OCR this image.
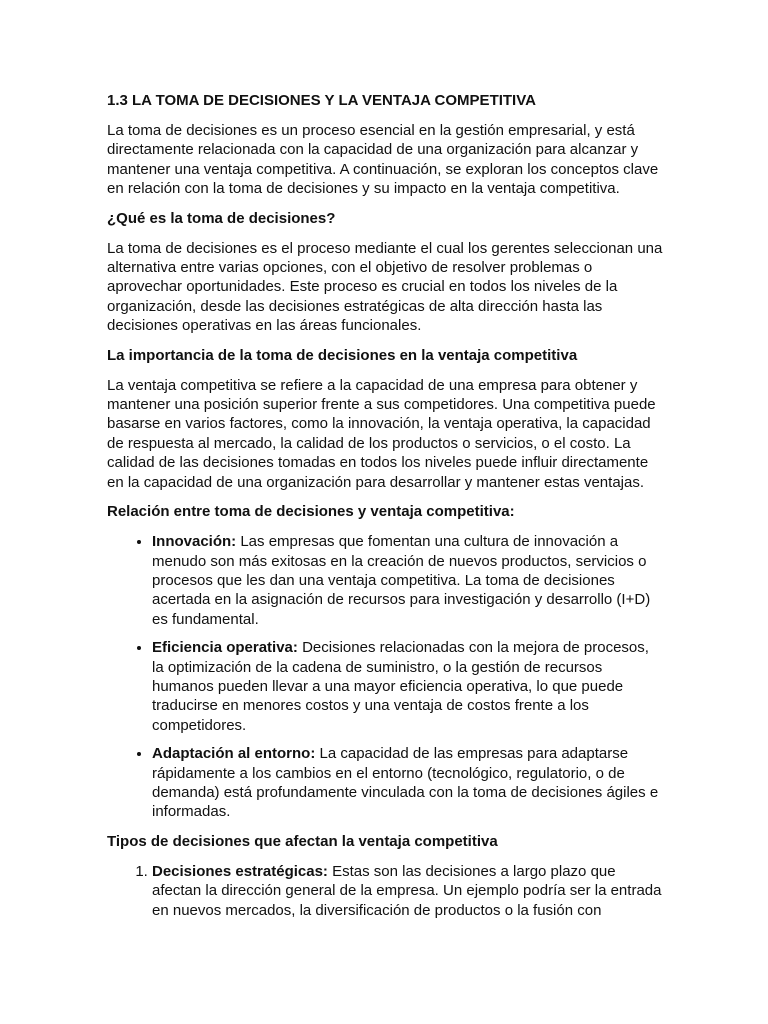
1.3 LA TOMA DE DECISIONES Y LA VENTAJA COMPETITIVA

La toma de decisiones es un proceso esencial en la gestión empresarial, y está directamente relacionada con la capacidad de una organización para alcanzar y mantener una ventaja competitiva. A continuación, se exploran los conceptos clave en relación con la toma de decisiones y su impacto en la ventaja competitiva.

¿Qué es la toma de decisiones?

La toma de decisiones es el proceso mediante el cual los gerentes seleccionan una alternativa entre varias opciones, con el objetivo de resolver problemas o aprovechar oportunidades. Este proceso es crucial en todos los niveles de la organización, desde las decisiones estratégicas de alta dirección hasta las decisiones operativas en las áreas funcionales.

La importancia de la toma de decisiones en la ventaja competitiva

La ventaja competitiva se refiere a la capacidad de una empresa para obtener y mantener una posición superior frente a sus competidores. Una competitiva puede basarse en varios factores, como la innovación, la ventaja operativa, la capacidad de respuesta al mercado, la calidad de los productos o servicios, o el costo. La calidad de las decisiones tomadas en todos los niveles puede influir directamente en la capacidad de una organización para desarrollar y mantener estas ventajas.

Relación entre toma de decisiones y ventaja competitiva:
• Innovación: Las empresas que fomentan una cultura de innovación a menudo son más exitosas en la creación de nuevos productos, servicios o procesos que les dan una ventaja competitiva. La toma de decisiones acertada en la asignación de recursos para investigación y desarrollo (I+D) es fundamental.
• Eficiencia operativa: Decisiones relacionadas con la mejora de procesos, la optimización de la cadena de suministro, o la gestión de recursos humanos pueden llevar a una mayor eficiencia operativa, lo que puede traducirse en menores costos y una ventaja de costos frente a los competidores.
• Adaptación al entorno: La capacidad de las empresas para adaptarse rápidamente a los cambios en el entorno (tecnológico, regulatorio, o de demanda) está profundamente vinculada con la toma de decisiones ágiles e informadas.
Tipos de decisiones que afectan la ventaja competitiva
1. Decisiones estratégicas: Estas son las decisiones a largo plazo que afectan la dirección general de la empresa. Un ejemplo podría ser la entrada en nuevos mercados, la diversificación de productos o la fusión con
